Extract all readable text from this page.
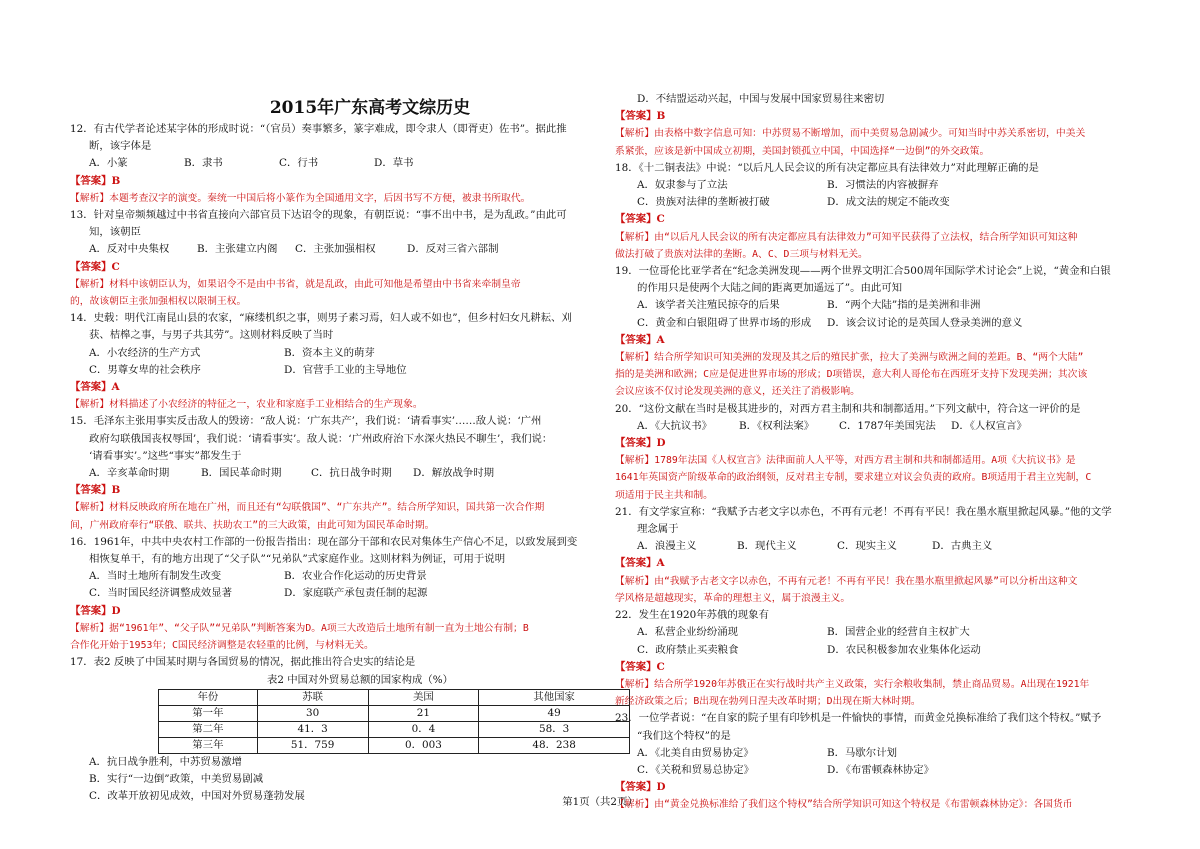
2015年广东高考文综历史
12．有古代学者论述某字体的形成时说：“（官员）奏事繁多，篆字难成，即令隶人（即胥吏）佐书”。据此推
断，该字体是
A．小篆	B．隶书	C．行书	D．草书
【答案】B
【解析】本题考查汉字的演变。秦统一中国后将小篆作为全国通用文字，后因书写不方便，被隶书所取代。
13．针对皇帝频频越过中书省直接向六部官员下达诏令的现象，有朝臣说：“事不出中书，是为乱政。”由此可
知，该朝臣
A．反对中央集权	B．主张建立内阁	C．主张加强相权	D．反对三省六部制
【答案】C
【解析】材料中该朝臣认为，如果诏令不是由中书省，就是乱政，由此可知他是希望由中书省来牵制皇帝
的，故该朝臣主张加强相权以限制王权。
14．史载：明代江南昆山县的农家，“麻缕机织之事，则男子素习焉，妇人或不如也”，但乡村妇女凡耕耘、刈
获、桔槔之事，与男子共其劳”。这则材料反映了当时
A．小农经济的生产方式	B．资本主义的萌芽
C．男尊女卑的社会秩序	D．官营手工业的主导地位
【答案】A
【解析】材料描述了小农经济的特征之一，农业和家庭手工业相结合的生产现象。
15．毛泽东主张用事实反击敌人的毁谤：“敌人说：‘广东共产’，我们说：‘请看事实’……敌人说：‘广州
政府勾联俄国丧权辱国’，我们说：‘请看事实’。敌人说：‘广州政府治下水深火热民不聊生’，我们说：
‘请看事实’。”这些“事实”都发生于
A．辛亥革命时期	B．国民革命时期	C．抗日战争时期	D．解放战争时期
【答案】B
【解析】材料反映政府所在地在广州，而且还有“勾联俄国”、“广东共产”。结合所学知识，国共第一次合作期
间，广州政府奉行“联俄、联共、扶助农工”的三大政策，由此可知为国民革命时期。
16．1961年，中共中央农村工作部的一份报告指出：现在部分干部和农民对集体生产信心不足，以致发展到变
相恢复单干，有的地方出现了“父子队”“兄弟队”式家庭作业。这则材料为例证，可用于说明
A．当时土地所有制发生改变	B．农业合作化运动的历史背景
C．当时国民经济调整成效显著	D．家庭联产承包责任制的起源
【答案】D
【解析】据“1961年”、“父子队”“兄弟队”判断答案为D。A项三大改造后土地所有制一直为土地公有制；B
合作化开始于1953年；C国民经济调整是农轻重的比例，与材料无关。
17．表2 反映了中国某时期与各国贸易的情况，据此推出符合史实的结论是
表2 中国对外贸易总额的国家构成（%）
年份	苏联	美国	其他国家
第一年	30	21	49
第二年	41．3	0．4	58．3
第三年	51．759	0．003	48．238
A．抗日战争胜利，中苏贸易激增
B．实行“一边倒”政策，中美贸易剧减
C．改革开放初见成效，中国对外贸易蓬勃发展
D．不结盟运动兴起，中国与发展中国家贸易往来密切
【答案】B
【解析】由表格中数字信息可知：中苏贸易不断增加，而中美贸易急剧减少。可知当时中苏关系密切，中美关
系紧张，应该是新中国成立初期，美国封锁孤立中国，中国选择“一边倒”的外交政策。
18．《十二铜表法》中说：“以后凡人民会议的所有决定都应具有法律效力”对此理解正确的是
A．奴隶参与了立法	B．习惯法的内容被摒弃
C．贵族对法律的垄断被打破	D．成文法的规定不能改变
【答案】C
【解析】由“以后凡人民会议的所有决定都应具有法律效力”可知平民获得了立法权，结合所学知识可知这种
做法打破了贵族对法律的垄断。A、C、D三项与材料无关。
19．一位哥伦比亚学者在“纪念美洲发现——两个世界文明汇合500周年国际学术讨论会”上说，“黄金和白银
的作用只是使两个大陆之间的距离更加遥远了”。由此可知
A．该学者关注殖民掠夺的后果	B．“两个大陆”指的是美洲和非洲
C．黄金和白银阻碍了世界市场的形成	D．该会议讨论的是英国人登录美洲的意义
【答案】A
【解析】结合所学知识可知美洲的发现及其之后的殖民扩张，拉大了美洲与欧洲之间的差距。B、“两个大陆”
指的是美洲和欧洲；C应是促进世界市场的形成；D项错误，意大利人哥伦布在西班牙支持下发现美洲；其次该
会议应该不仅讨论发现美洲的意义，还关注了消极影响。
20．“这份文献在当时是极其进步的，对西方君主制和共和制都适用。”下列文献中，符合这一评价的是
A．《大抗议书》	B．《权利法案》	C．1787年美国宪法	D．《人权宣言》
【答案】D
【解析】1789年法国《人权宣言》法律面前人人平等，对西方君主制和共和制都适用。A项《大抗议书》是
1641年英国资产阶级革命的政治纲领，反对君主专制，要求建立对议会负责的政府。B项适用于君主立宪制，C
项适用于民主共和制。
21．有文学家宣称：“我赋予古老文字以赤色，不再有元老！不再有平民！我在墨水瓶里掀起风暴。”他的文学
理念属于
A．浪漫主义	B．现代主义	C．现实主义	D．古典主义
【答案】A
【解析】由“我赋予古老文字以赤色，不再有元老！不再有平民！我在墨水瓶里掀起风暴”可以分析出这种文
学风格是超越现实，革命的理想主义，属于浪漫主义。
22．发生在1920年苏俄的现象有
A．私营企业纷纷涌现	B．国营企业的经营自主权扩大
C．政府禁止买卖粮食	D．农民积极参加农业集体化运动
【答案】C
【解析】结合所学1920年苏俄正在实行战时共产主义政策，实行余粮收集制，禁止商品贸易。A出现在1921年
新经济政策之后；B出现在勃列日涅夫改革时期；D出现在斯大林时期。
23．一位学者说：“在自家的院子里有印钞机是一件愉快的事情，而黄金兑换标准给了我们这个特权。”赋予
“我们这个特权”的是
A．《北美自由贸易协定》	B．马歇尔计划
C．《关税和贸易总协定》	D．《布雷顿森林协定》
【答案】D
【解析】由“黄金兑换标准给了我们这个特权”结合所学知识可知这个特权是《布雷顿森林协定》：各国货币
第1页（共2页）
